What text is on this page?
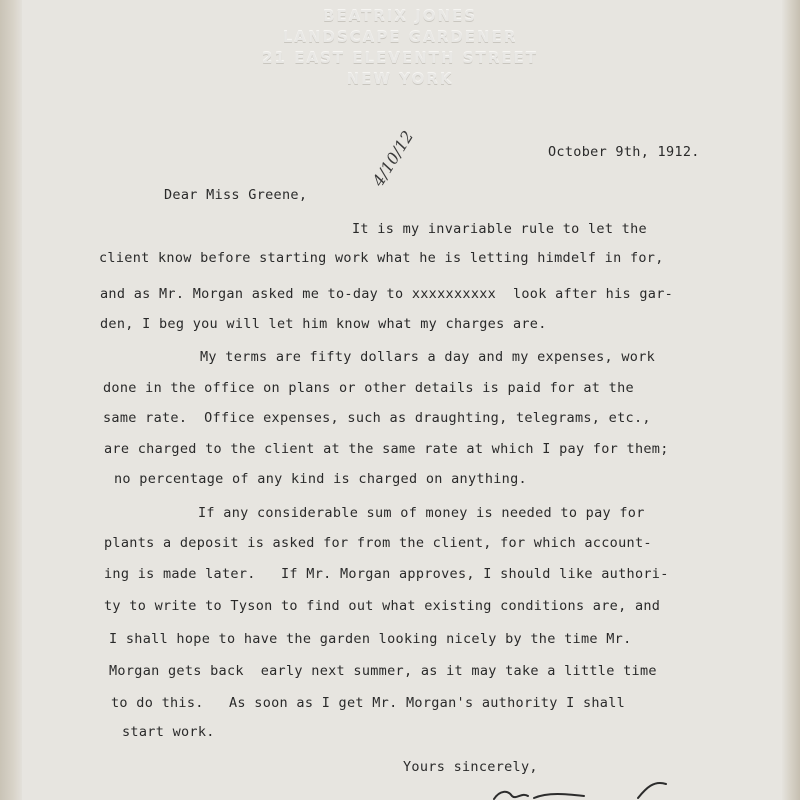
BEATRIX JONES
LANDSCAPE GARDENER
21 EAST ELEVENTH STREET
NEW YORK
October 9th, 1912.
4/10/12
Dear Miss Greene,
It is my invariable rule to let the
client know before starting work what he is letting himdelf in for,
and as Mr. Morgan asked me to-day to xxxxxxxxxx  look after his gar-
den, I beg you will let him know what my charges are.
My terms are fifty dollars a day and my expenses, work
done in the office on plans or other details is paid for at the
same rate.  Office expenses, such as draughting, telegrams, etc.,
are charged to the client at the same rate at which I pay for them;
no percentage of any kind is charged on anything.
If any considerable sum of money is needed to pay for
plants a deposit is asked for from the client, for which account-
ing is made later.   If Mr. Morgan approves, I should like authori-
ty to write to Tyson to find out what existing conditions are, and
I shall hope to have the garden looking nicely by the time Mr.
Morgan gets back  early next summer, as it may take a little time
to do this.   As soon as I get Mr. Morgan's authority I shall
start work.
Yours sincerely,
